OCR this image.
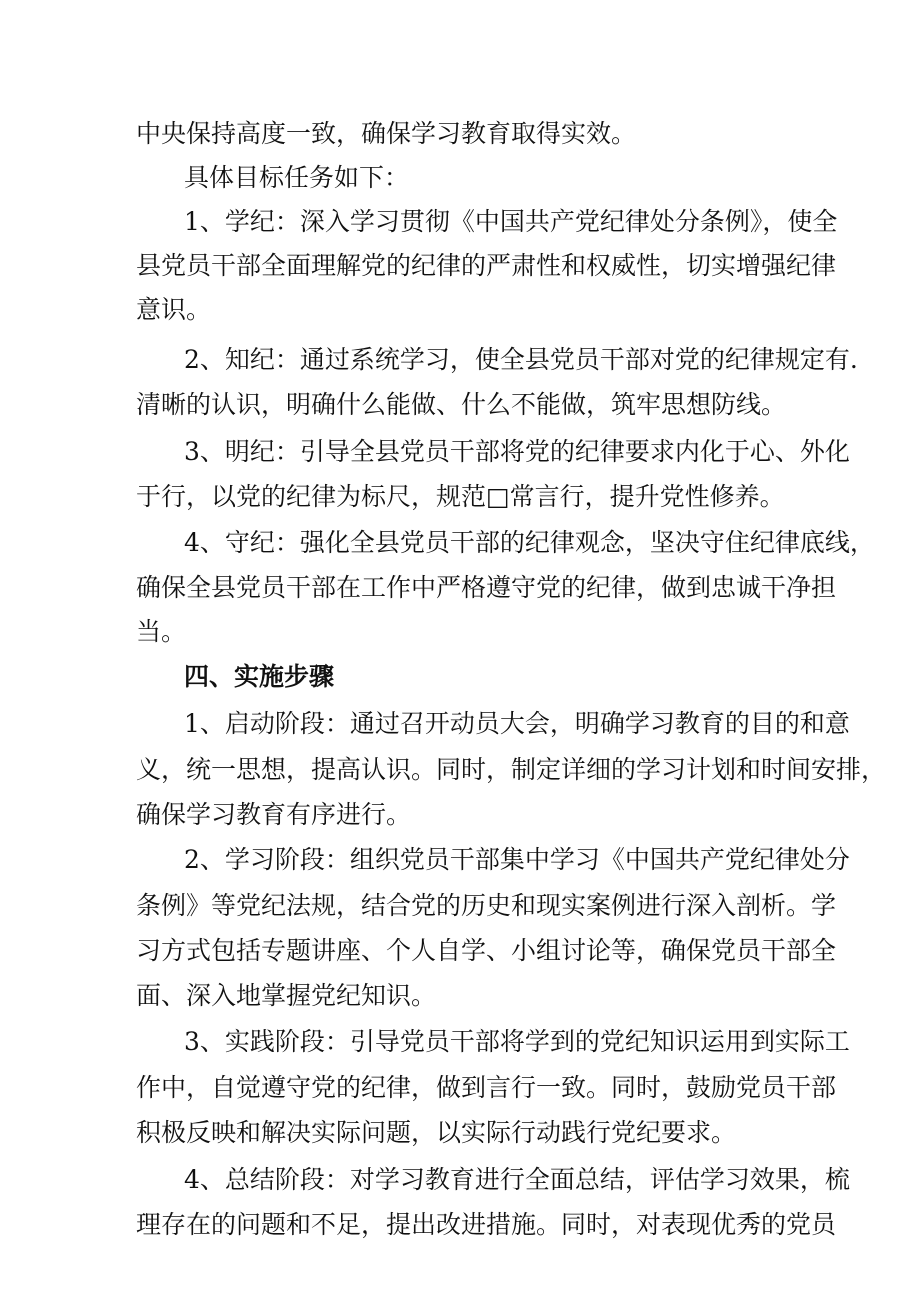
中央保持高度一致，确保学习教育取得实效。
具体目标任务如下：
1、学纪：深入学习贯彻《中国共产党纪律处分条例》，使全
县党员干部全面理解党的纪律的严肃性和权威性，切实增强纪律
意识。
2、知纪：通过系统学习，使全县党员干部对党的纪律规定有.
清晰的认识，明确什么能做、什么不能做，筑牢思想防线。
3、明纪：引导全县党员干部将党的纪律要求内化于心、外化
于行，以党的纪律为标尺，规范□常言行，提升党性修养。
4、守纪：强化全县党员干部的纪律观念，坚决守住纪律底线，
确保全县党员干部在工作中严格遵守党的纪律，做到忠诚干净担
当。
四、实施步骤
1、启动阶段：通过召开动员大会，明确学习教育的目的和意
义，统一思想，提高认识。同时，制定详细的学习计划和时间安排，
确保学习教育有序进行。
2、学习阶段：组织党员干部集中学习《中国共产党纪律处分
条例》等党纪法规，结合党的历史和现实案例进行深入剖析。学
习方式包括专题讲座、个人自学、小组讨论等，确保党员干部全
面、深入地掌握党纪知识。
3、实践阶段：引导党员干部将学到的党纪知识运用到实际工
作中，自觉遵守党的纪律，做到言行一致。同时，鼓励党员干部
积极反映和解决实际问题，以实际行动践行党纪要求。
4、总结阶段：对学习教育进行全面总结，评估学习效果，梳
理存在的问题和不足，提出改进措施。同时，对表现优秀的党员
